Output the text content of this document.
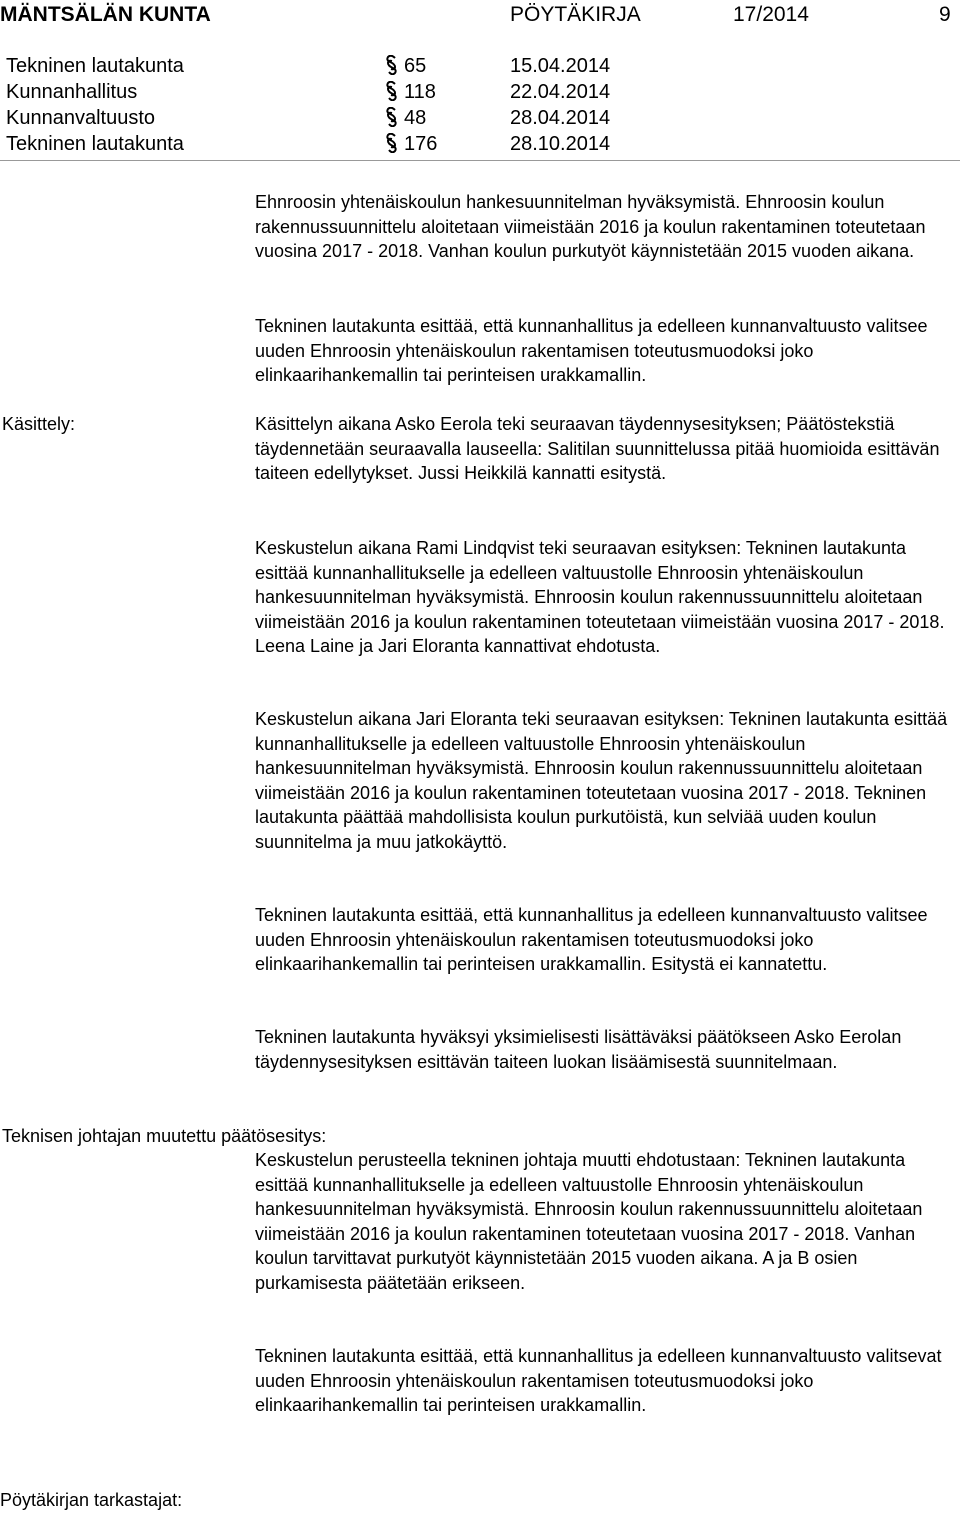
MÄNTSÄLÄN KUNTA	PÖYTÄKIRJA	17/2014	9
Tekninen lautakunta	65	15.04.2014
Kunnanhallitus	118	22.04.2014
Kunnanvaltuusto	48	28.04.2014
Tekninen lautakunta	176	28.10.2014

Ehnroosin yhtenäiskoulun hankesuunnitelman hyväksymistä. Ehnroosin koulun rakennussuunnittelu aloitetaan viimeistään 2016 ja koulun rakentaminen toteutetaan vuosina 2017 - 2018. Vanhan koulun purkutyöt käynnistetään 2015 vuoden aikana.

Tekninen lautakunta esittää, että kunnanhallitus ja edelleen kunnanvaltuusto valitsee uuden Ehnroosin yhtenäiskoulun rakentamisen toteutusmuodoksi joko elinkaarihankemallin tai perinteisen urakkamallin.

Käsittely:	Käsittelyn aikana Asko Eerola teki seuraavan täydennysesityksen; Päätöstekstiä täydennetään seuraavalla lauseella: Salitilan suunnittelussa pitää huomioida esittävän taiteen edellytykset. Jussi Heikkilä kannatti esitystä.

Keskustelun aikana Rami Lindqvist teki seuraavan esityksen: Tekninen lautakunta esittää kunnanhallitukselle ja edelleen valtuustolle Ehnroosin yhtenäiskoulun hankesuunnitelman hyväksymistä. Ehnroosin koulun rakennussuunnittelu aloitetaan viimeistään 2016 ja koulun rakentaminen toteutetaan viimeistään vuosina 2017 - 2018. Leena Laine ja Jari Eloranta kannattivat ehdotusta.

Keskustelun aikana Jari Eloranta teki seuraavan esityksen: Tekninen lautakunta esittää kunnanhallitukselle ja edelleen valtuustolle Ehnroosin yhtenäiskoulun hankesuunnitelman hyväksymistä. Ehnroosin koulun rakennussuunnittelu aloitetaan viimeistään 2016 ja koulun rakentaminen toteutetaan vuosina 2017 - 2018. Tekninen lautakunta päättää mahdollisista koulun purkutöistä, kun selviää uuden koulun suunnitelma ja muu jatkokäyttö.

Tekninen lautakunta esittää, että kunnanhallitus ja edelleen kunnanvaltuusto valitsee uuden Ehnroosin yhtenäiskoulun rakentamisen toteutusmuodoksi joko elinkaarihankemallin tai perinteisen urakkamallin. Esitystä ei kannatettu.

Tekninen lautakunta hyväksyi yksimielisesti lisättäväksi päätökseen Asko Eerolan täydennysesityksen esittävän taiteen luokan lisäämisestä suunnitelmaan.

Teknisen johtajan muutettu päätösesitys:

Keskustelun perusteella tekninen johtaja muutti ehdotustaan: Tekninen lautakunta esittää kunnanhallitukselle ja edelleen valtuustolle Ehnroosin yhtenäiskoulun hankesuunnitelman hyväksymistä. Ehnroosin koulun rakennussuunnittelu aloitetaan viimeistään 2016 ja koulun rakentaminen toteutetaan vuosina 2017 - 2018. Vanhan koulun tarvittavat purkutyöt käynnistetään 2015 vuoden aikana. A ja B osien purkamisesta päätetään erikseen.

Tekninen lautakunta esittää, että kunnanhallitus ja edelleen kunnanvaltuusto valitsevat uuden Ehnroosin yhtenäiskoulun rakentamisen toteutusmuodoksi joko elinkaarihankemallin tai perinteisen urakkamallin.

Pöytäkirjan tarkastajat:
